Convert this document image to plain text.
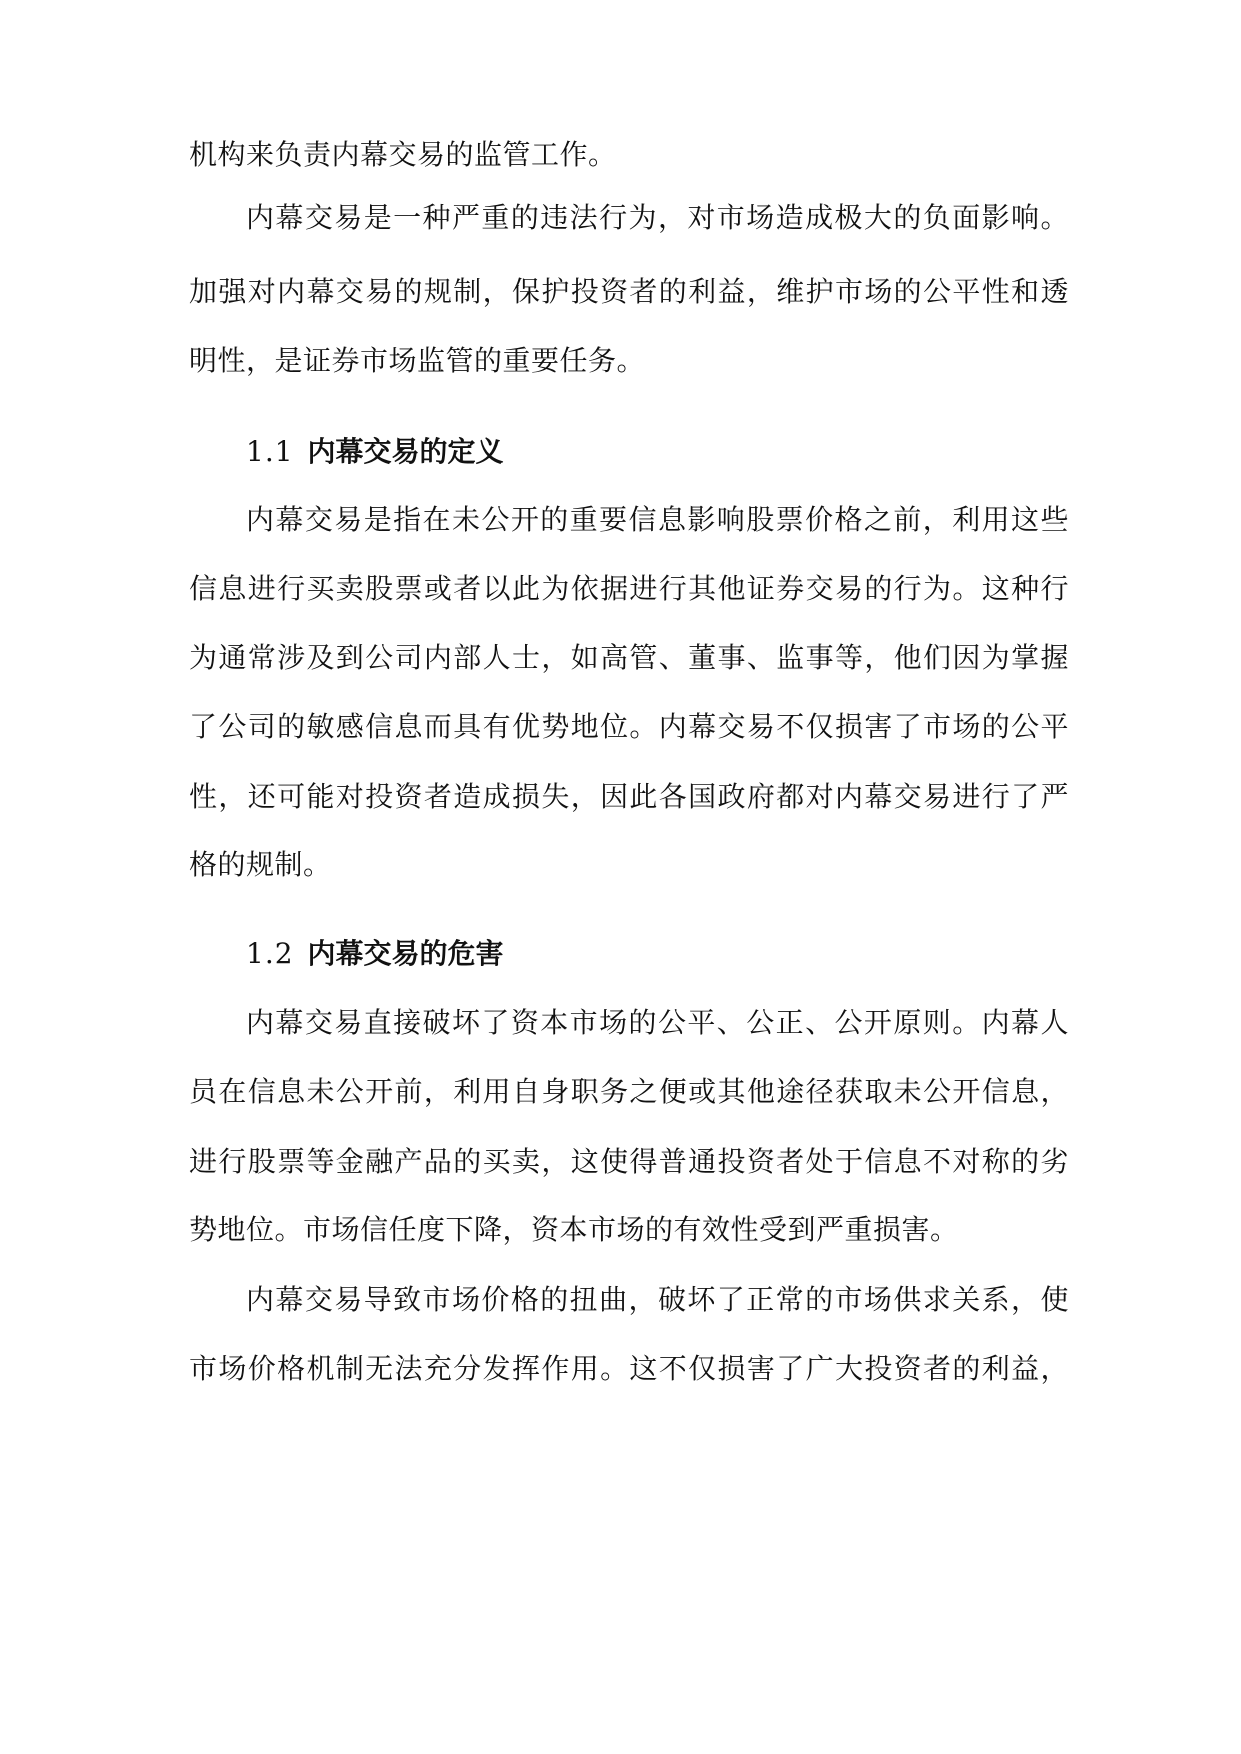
机构来负责内幕交易的监管工作。
内幕交易是一种严重的违法行为，对市场造成极大的负面影响。
加强对内幕交易的规制，保护投资者的利益，维护市场的公平性和透
明性，是证券市场监管的重要任务。
1.1 内幕交易的定义
内幕交易是指在未公开的重要信息影响股票价格之前，利用这些
信息进行买卖股票或者以此为依据进行其他证券交易的行为。这种行
为通常涉及到公司内部人士，如高管、董事、监事等，他们因为掌握
了公司的敏感信息而具有优势地位。内幕交易不仅损害了市场的公平
性，还可能对投资者造成损失，因此各国政府都对内幕交易进行了严
格的规制。
1.2 内幕交易的危害
内幕交易直接破坏了资本市场的公平、公正、公开原则。内幕人
员在信息未公开前，利用自身职务之便或其他途径获取未公开信息，
进行股票等金融产品的买卖，这使得普通投资者处于信息不对称的劣
势地位。市场信任度下降，资本市场的有效性受到严重损害。
内幕交易导致市场价格的扭曲，破坏了正常的市场供求关系，使
市场价格机制无法充分发挥作用。这不仅损害了广大投资者的利益，
